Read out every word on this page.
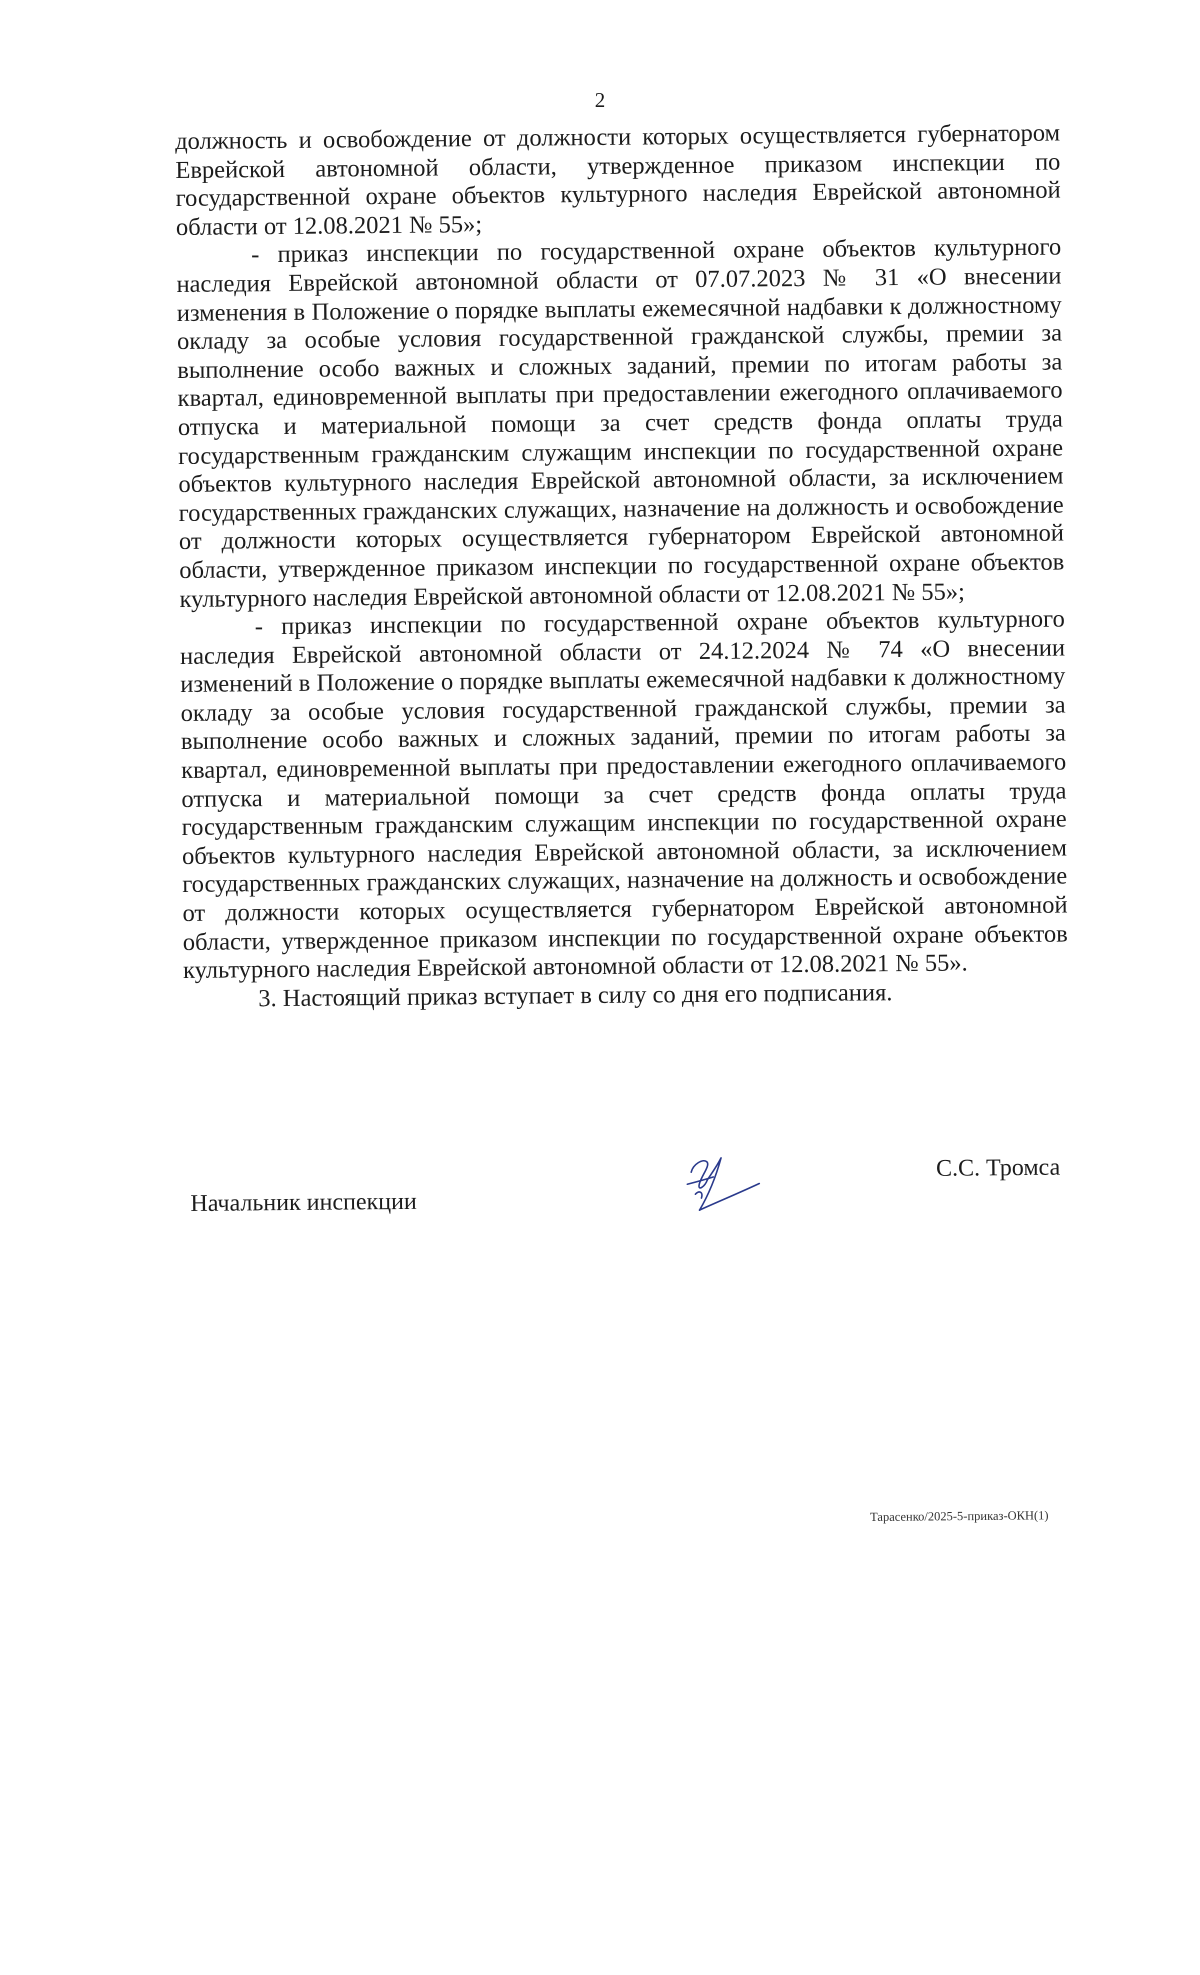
2

должность и освобождение от должности которых осуществляется губернатором Еврейской автономной области, утвержденное приказом инспекции по государственной охране объектов культурного наследия Еврейской автономной области от 12.08.2021 № 55»;

- приказ инспекции по государственной охране объектов культурного наследия Еврейской автономной области от 07.07.2023 № 31 «О внесении изменения в Положение о порядке выплаты ежемесячной надбавки к должностному окладу за особые условия государственной гражданской службы, премии за выполнение особо важных и сложных заданий, премии по итогам работы за квартал, единовременной выплаты при предоставлении ежегодного оплачиваемого отпуска и материальной помощи за счет средств фонда оплаты труда государственным гражданским служащим инспекции по государственной охране объектов культурного наследия Еврейской автономной области, за исключением государственных гражданских служащих, назначение на должность и освобождение от должности которых осуществляется губернатором Еврейской автономной области, утвержденное приказом инспекции по государственной охране объектов культурного наследия Еврейской автономной области от 12.08.2021 № 55»;

- приказ инспекции по государственной охране объектов культурного наследия Еврейской автономной области от 24.12.2024 № 74 «О внесении изменений в Положение о порядке выплаты ежемесячной надбавки к должностному окладу за особые условия государственной гражданской службы, премии за выполнение особо важных и сложных заданий, премии по итогам работы за квартал, единовременной выплаты при предоставлении ежегодного оплачиваемого отпуска и материальной помощи за счет средств фонда оплаты труда государственным гражданским служащим инспекции по государственной охране объектов культурного наследия Еврейской автономной области, за исключением государственных гражданских служащих, назначение на должность и освобождение от должности которых осуществляется губернатором Еврейской автономной области, утвержденное приказом инспекции по государственной охране объектов культурного наследия Еврейской автономной области от 12.08.2021 № 55».

3. Настоящий приказ вступает в силу со дня его подписания.

Начальник инспекции
С.С. Тромса
Тарасенко/2025-5-приказ-ОКН(1)
